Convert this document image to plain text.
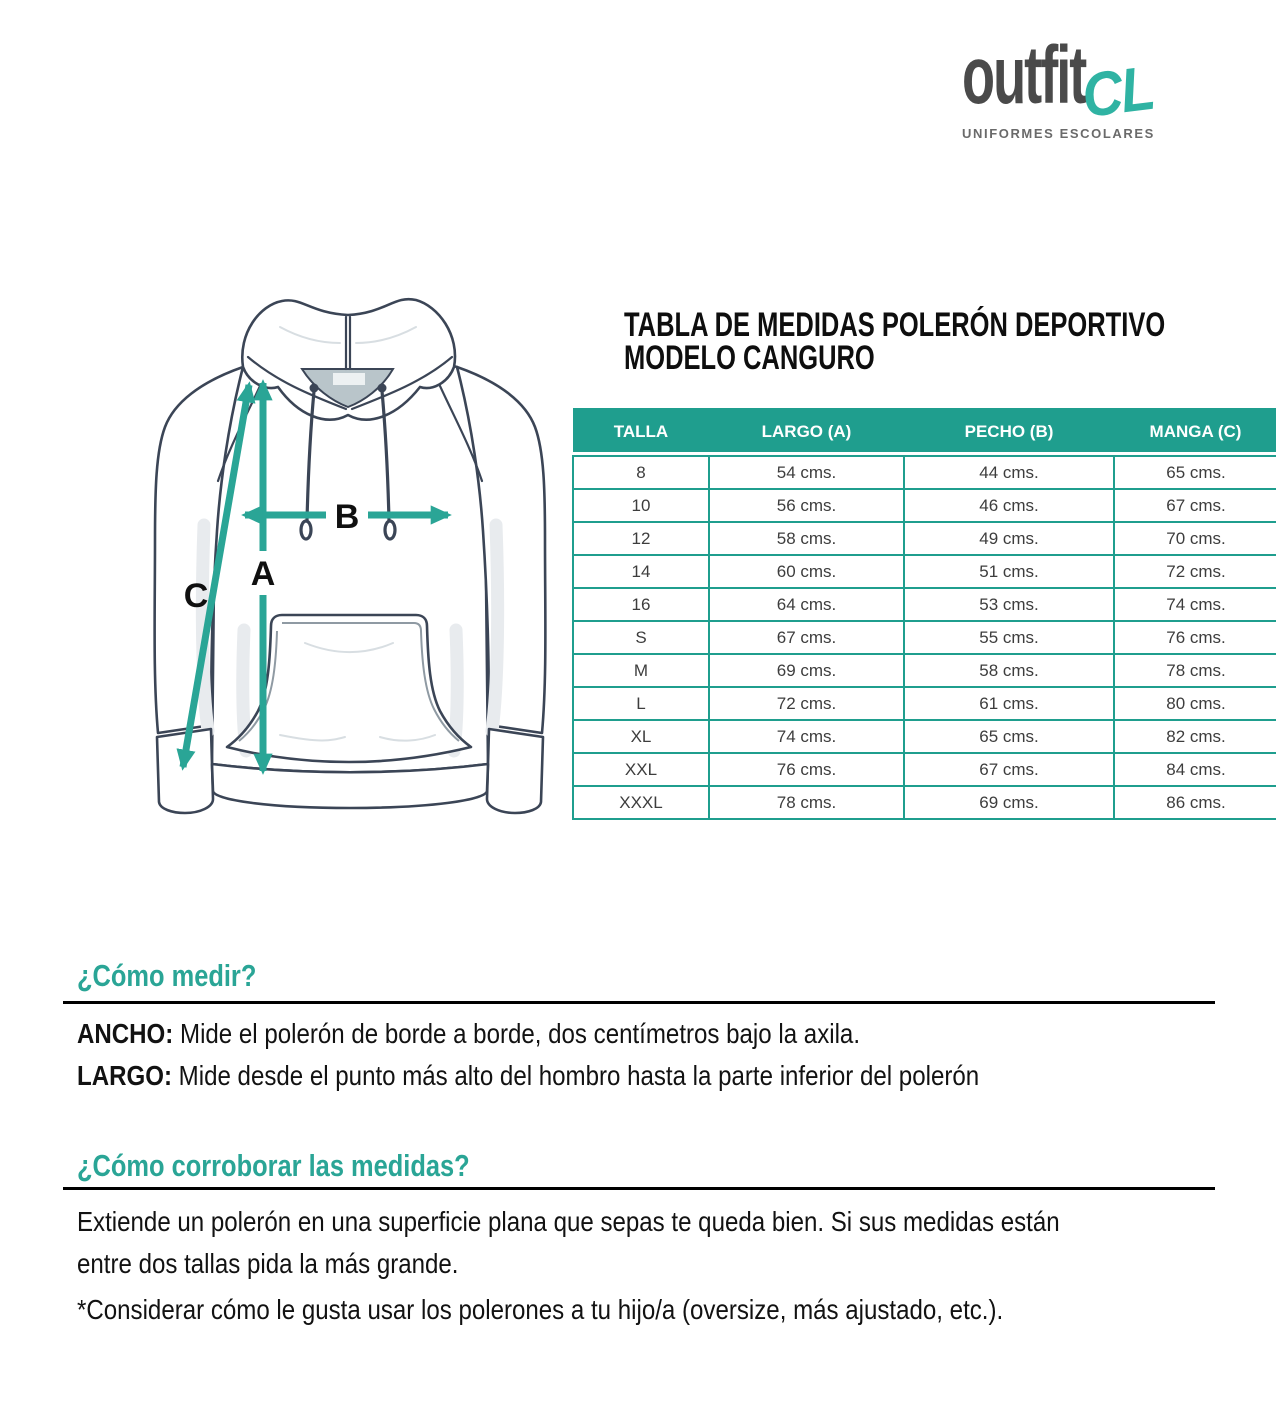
outfitCL
UNIFORMES ESCOLARES
A
B
C
TABLA DE MEDIDAS POLERÓN DEPORTIVO
MODELO CANGURO
TALLA	LARGO (A)	PECHO (B)	MANGA (C)
8	54 cms.	44 cms.	65 cms.
10	56 cms.	46 cms.	67 cms.
12	58 cms.	49 cms.	70 cms.
14	60 cms.	51 cms.	72 cms.
16	64 cms.	53 cms.	74 cms.
S	67 cms.	55 cms.	76 cms.
M	69 cms.	58 cms.	78 cms.
L	72 cms.	61 cms.	80 cms.
XL	74 cms.	65 cms.	82 cms.
XXL	76 cms.	67 cms.	84 cms.
XXXL	78 cms.	69 cms.	86 cms.
¿Cómo medir?
ANCHO: Mide el polerón de borde a borde, dos centímetros bajo la axila.
LARGO: Mide desde el punto más alto del hombro hasta la parte inferior del polerón
¿Cómo corroborar las medidas?
Extiende un polerón en una superficie plana que sepas te queda bien. Si sus medidas están
entre dos tallas pida la más grande.
*Considerar cómo le gusta usar los polerones a tu hijo/a (oversize, más ajustado, etc.).
